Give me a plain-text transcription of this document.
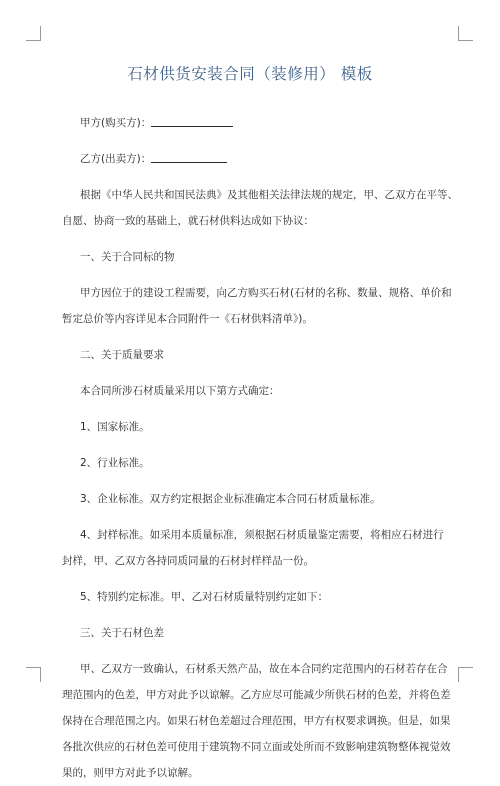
石材供货安装合同（装修用） 模板
甲方(购买方)：
乙方(出卖方)：
根据《中华人民共和国民法典》及其他相关法律法规的规定，甲、乙双方在平等、
自愿、协商一致的基础上，就石材供料达成如下协议：
一、关于合同标的物
甲方因位于的建设工程需要，向乙方购买石材(石材的名称、数量、规格、单价和
暂定总价等内容详见本合同附件一《石材供料清单》)。
二、关于质量要求
本合同所涉石材质量采用以下第方式确定：
1、国家标准。
2、行业标准。
3、企业标准。双方约定根据企业标准确定本合同石材质量标准。
4、封样标准。如采用本质量标准，须根据石材质量鉴定需要，将相应石材进行
封样，甲、乙双方各持同质同量的石材封样样品一份。
5、特别约定标准。甲、乙对石材质量特别约定如下：
三、关于石材色差
甲、乙双方一致确认，石材系天然产品，故在本合同约定范围内的石材若存在合
理范围内的色差，甲方对此予以谅解。乙方应尽可能减少所供石材的色差，并将色差
保持在合理范围之内。如果石材色差超过合理范围，甲方有权要求调换。但是，如果
各批次供应的石材色差可使用于建筑物不同立面或处所而不致影响建筑物整体视觉效
果的，则甲方对此予以谅解。
